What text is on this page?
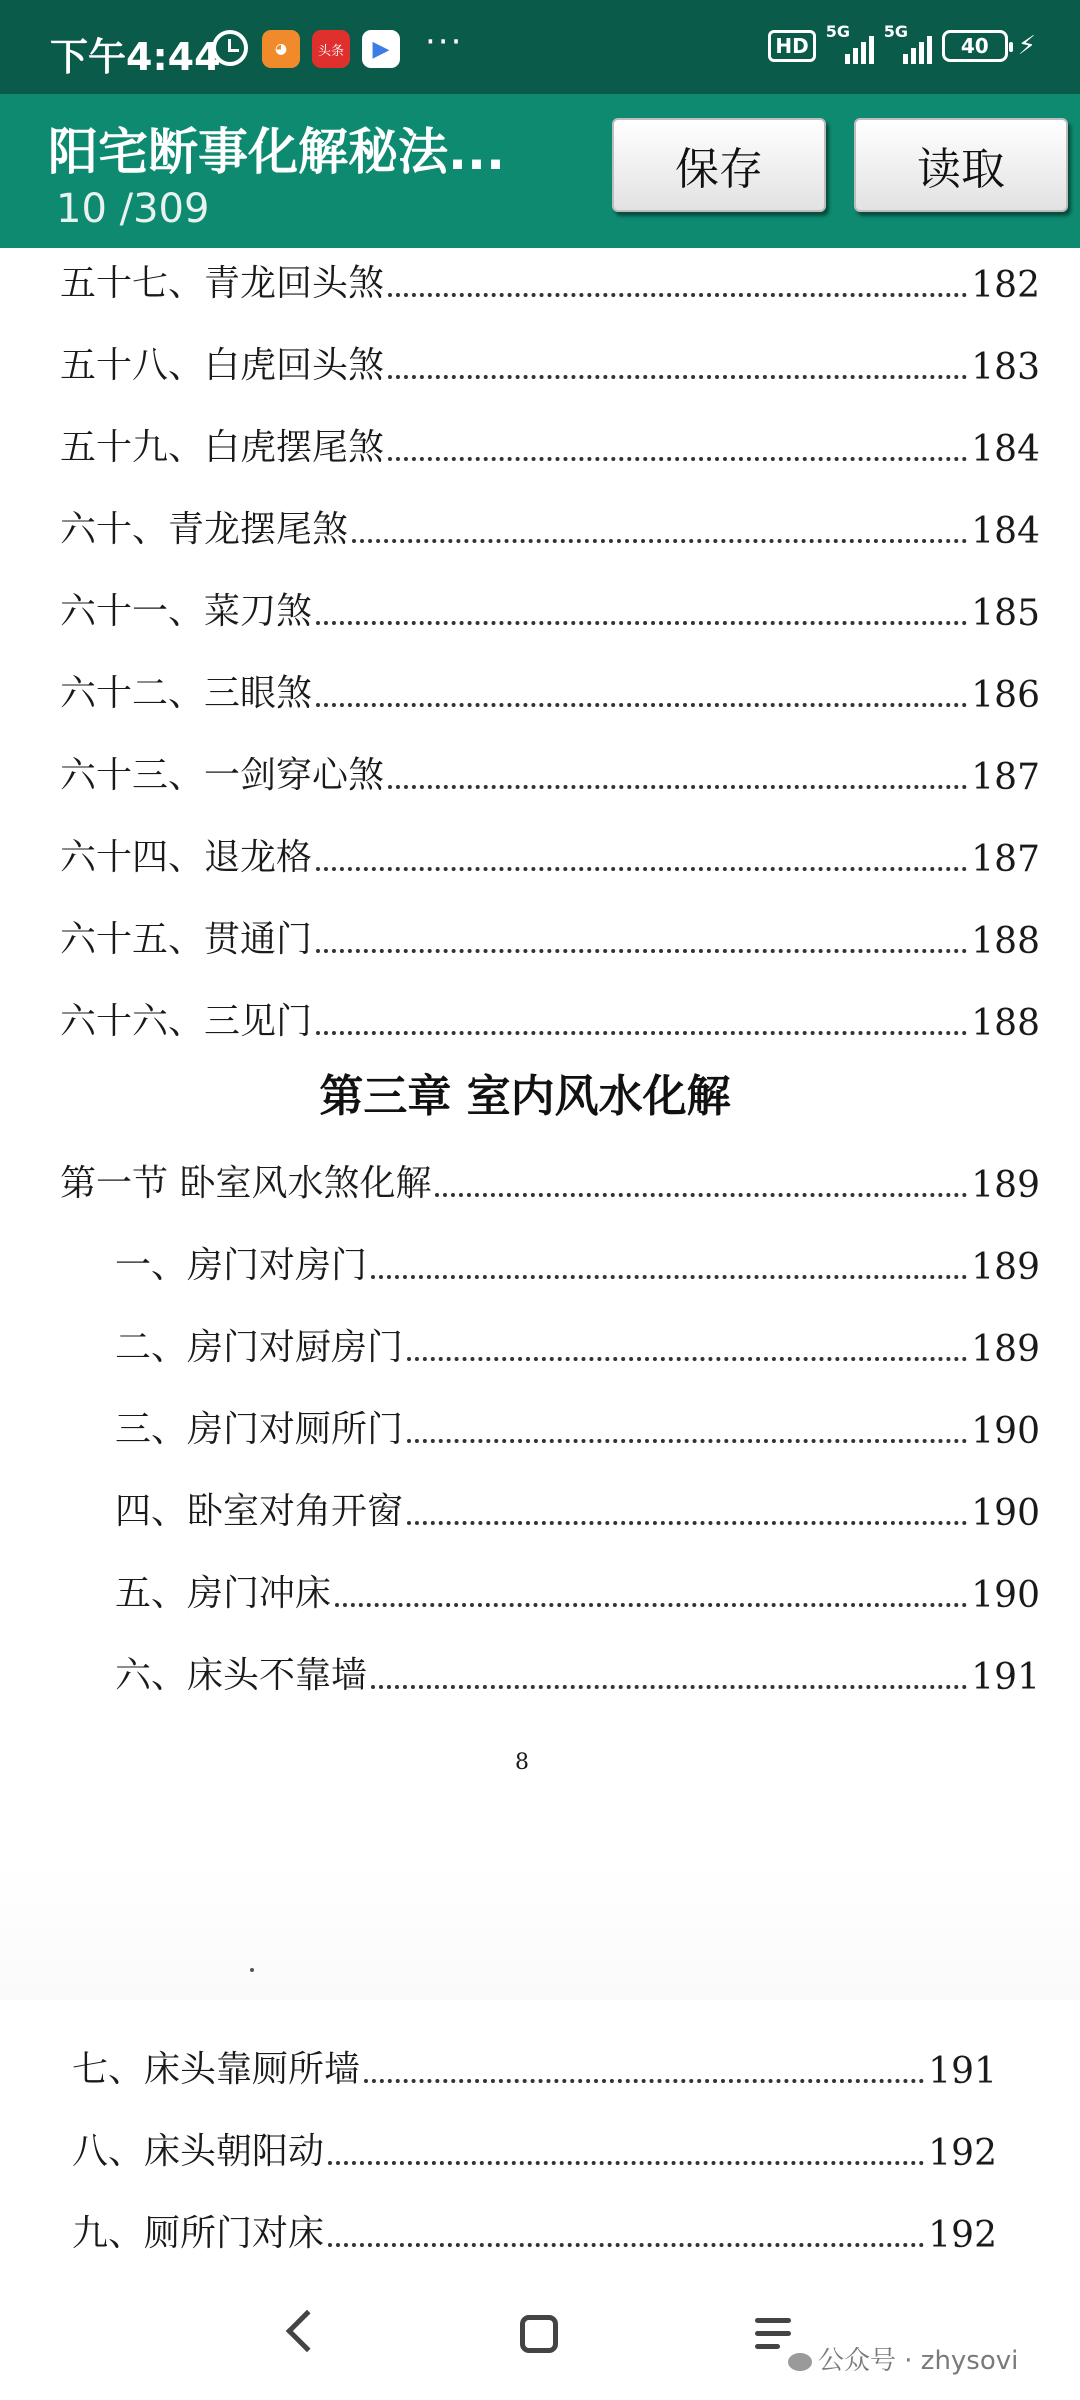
下午4:44	◕	头条	▶	···	HD
5G 5G
40 ⚡
阳宅断事化解秘法...
10 /309
保存	读取
五十七、青龙回头煞	182
五十八、白虎回头煞	183
五十九、白虎摆尾煞	184
六十、青龙摆尾煞	184
六十一、菜刀煞	185
六十二、三眼煞	186
六十三、一剑穿心煞	187
六十四、退龙格	187
六十五、贯通门	188
六十六、三见门	188
第三章 室内风水化解
第一节 卧室风水煞化解	189
一、房门对房门	189
二、房门对厨房门	189
三、房门对厕所门	190
四、卧室对角开窗	190
五、房门冲床	190
六、床头不靠墙	191
8
七、床头靠厕所墙	191
八、床头朝阳动	192
九、厕所门对床	192
公众号 · zhysovi
